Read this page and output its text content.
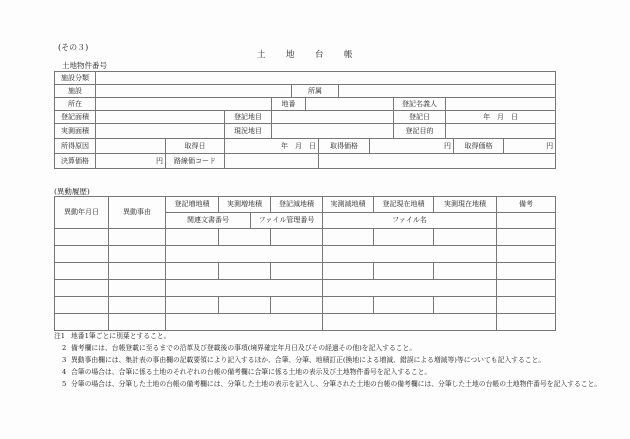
(その３)
土 地 台 帳
土地物件番号
施設分類													
施設					所属								
所在				地番						登記名義人			
登記面積			登記地目							登記日	年　月　日		
実測面積			現況地目							登記目的			
所得原因		取得日	年　月　日				取得価格		円			取得価格	円
決算価格	円	路線価コード											
(異動履歴)
異動年月日	異動事由	登記増地積	実測増地積		登記減地積	実測減地積	登記現在地積	実測現在地積	備考
		関連文書番号		ファイル管理番号		ファイル名			

注1 地番1筆ごとに別葉とすること。
2 備考欄には、台帳登載に至るまでの沿革及び登載後の事項(境界確定年月日及びその経過その他)を記入すること。
3 異動事由欄には、集計表の事由欄の記載要領により記入するほか、合筆、分筆、地積訂正(換地による増減、錯誤による増減等)等についても記入すること。
4 合筆の場合は、合筆に係る土地のそれぞれの台帳の備考欄に合筆に係る土地の表示及び土地物件番号を記入すること。
5 分筆の場合は、分筆した土地の台帳の備考欄には、分筆した土地の表示を記入し、分筆された土地の台帳の備考欄には、分筆した土地の台帳の土地物件番号を記入すること。
